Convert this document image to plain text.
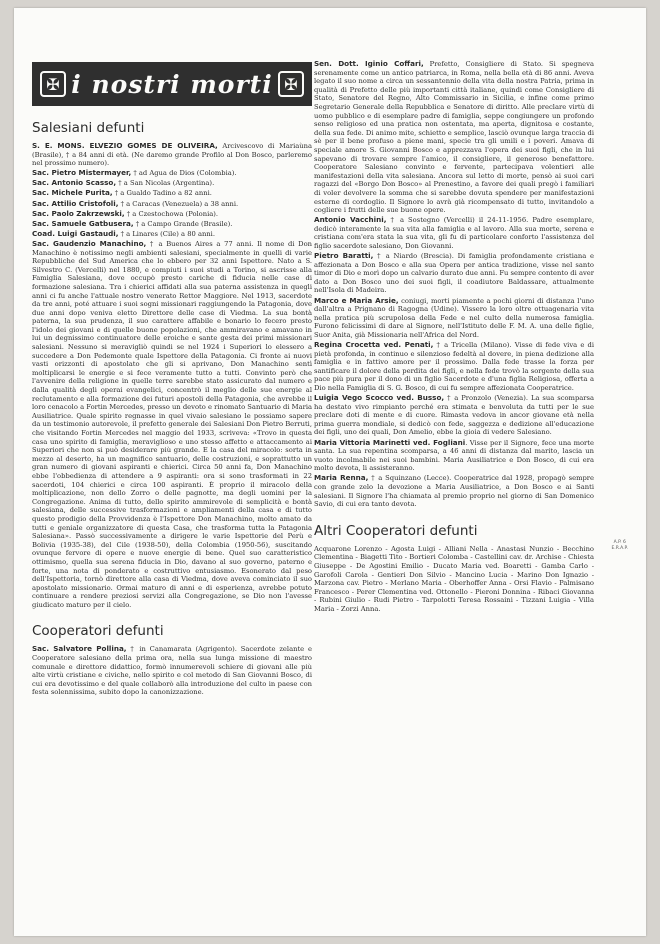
✠ i nostri morti ✠
Salesiani defunti

S. E. MONS. ELVEZIO GOMES DE OLIVEIRA, Arcivescovo di Mariaùna (Brasile), † a 84 anni di età. (Ne daremo grande Profilo al Don Bosco, parleremo nel prossimo numero).

Sac. Pietro Mistermayer, † ad Agua de Dios (Colombia).

Sac. Antonio Scasso, † a San Nicolas (Argentina).

Sac. Michele Purita, † a Gualdo Tadino a 82 anni.

Sac. Attilio Cristofoli, † a Caracas (Venezuela) a 38 anni.

Sac. Paolo Zakrzewski, † a Czestochowa (Polonia).

Sac. Samuele Gatbusera, † a Campo Grande (Brasile).

Coad. Luigi Gastaudi, † a Linares (Cile) a 80 anni.

Sac. Gaudenzio Manachino, † a Buenos Aires a 77 anni. Il nome di Don Manachino è notissimo negli ambienti salesiani, specialmente in quelli di varie Repubbliche del Sud America che lo ebbero per 32 anni Ispettore. Nato a S. Silvestro C. (Vercelli) nel 1880, e compiuti i suoi studi a Torino, si ascrisse alla Famiglia Salesiana, dove occupò presto cariche di fiducia nelle case di formazione salesiana. Tra i chierici affidati alla sua paterna assistenza in quegli anni ci fu anche l'attuale nostro veneratо Rettor Maggiore. Nel 1913, sacerdote da tre anni, poté attuare i suoi sogni missionari raggiungendo la Patagonia, dove due anni dopo veniva eletto Direttore delle case di Viedma. La sua bontà paterna, la sua prudenza, il suo carattere affabile e bonario lo fecero presto l'idolo dei giovani e di quelle buone popolazioni, che ammiravano e amavano in lui un degnissimo continuatore delle eroiche e sante gesta dei primi missionari salesiani. Nessuno si meravigliò quindi se nel 1924 i Superiori lo elessero a succedere a Don Pedemonte quale Ispettore della Patagonia. Ci fronte ai nuovi vasti orizzonti di apostolato che gli si aprivano, Don Manachino sentì moltiplicarsi le energie e si fece veramente tutto a tutti. Convinto però che l'avvenire della religione in quelle terre sarebbe stato assicurato dal numero e dalla qualità degli operai evangelici, concentrò il meglio delle sue energie al reclutamento e alla formazione dei futuri apostoli della Patagonia, che avrebbe il loro cenacolo a Fortin Mercedes, presso un devoto e rinomato Santuario di Maria Ausiliatrice. Quale spirito regnasse in quel vivaio salesiano le possiamo sapere da un testimonio autorevole, il prefetto generale dei Salesiani Don Pietro Berruti, che visitando Fortin Mercedes nel maggio del 1933, scriveva: «Trovo in questa casa uno spirito di famiglia, meraviglioso e uno stesso affetto e attaccamento ai Superiori che non si può desiderare più grande. E la casa del miracolo: sorta in mezzo al deserto, ha un magnifico santuario, delle costruzioni, e soprattutto un gran numero di giovani aspiranti e chierici. Circa 50 anni fa, Don Manachino ebbe l'obbedienza di attendere a 9 aspiranti: ora si sono trasformati in 22 sacerdoti, 104 chierici e circa 100 aspiranti. È proprio il miracolo della moltiplicazione, non dello Zorro o delle pagnotte, ma degli uomini per la Congregazione. Anima di tutto, dello spirito ammirevole di semplicità e bontà salesiana, delle successive trasformazioni e ampliamenti della casa e di tutto questo prodigio della Provvidenza è l'Ispettore Don Manachino, molto amato da tutti e geniale organizzatore di questa Casa, che trasforma tutta la Patagonia Salesiana». Passò successivamente a dirigere le varie Ispettorie del Perù e Bolivia (1935-38), del Cile (1938-50), della Colombia (1950-56), suscitando ovunque fervore di opere e nuove energie di bene. Quel suo caratteristico ottimismo, quella sua serena fiducia in Dio, davano al suo governo, paterno e forte, una nota di ponderato e costruttivo entusiasmo. Esonerato dal peso dell'Ispettoria, tornò direttore alla casa di Viedma, dove aveva cominciato il suo apostolato missionario. Ormai maturo di anni e di esperienza, avrebbe potuto continuare a rendere preziosi servizi alla Congregazione, se Dio non l'avesse giudicato maturo per il cielo.

Cooperatori defunti

Sac. Salvatore Pollina, † in Canamarata (Agrigento). Sacerdote zelante e Cooperatore salesiano della prima ora, nella sua lunga missione di maestro comunale e direttore didattico, formò innumerevoli schiere di giovani alle più alte virtù cristiane e civiche, nello spirito e col metodo di San Giovanni Bosco, di cui era devotissimo e del quale collaborò alla introduzione del culto in paese con festa solennissima, subito dopo la canonizzazione.

Sen. Dott. Iginio Coffari, Prefetto, Consigliere di Stato. Si spegneva serenamente come un antico patriarca, in Roma, nella bella età di 86 anni. Aveva legato il suo nome a circa un sessantennio della vita della nostra Patria, prima in qualità di Prefetto delle più importanti città italiane, quindi come Consigliere di Stato, Senatore del Regno, Alto Commissario in Sicilia, e infine come primo Segretario Generale della Repubblica e Senatore di diritto. Alle preclare virtù di uomo pubblico e di esemplare padre di famiglia, seppe congiungere un profondo senso religioso ed una pratica non ostentata, ma aperta, dignitosa e costante, della sua fede. Di animo mite, schietto e semplice, lasciò ovunque larga traccia di sè per il bene profuso a piene mani, specie tra gli umili e i poveri. Amava di speciale amore S. Giovanni Bosco e apprezzava l'opera dei suoi figli, che in lui sapevano di trovare sempre l'amico, il consigliere, il generoso benefattore. Cooperatore Salesiano convinto e fervente, partecipava volentieri alle manifestazioni della vita salesiana. Ancora sul letto di morte, pensò ai suoi cari ragazzi del «Borgo Don Bosco» al Prenestino, a favore dei quali pregò i familiari di voler devolvere la somma che si sarebbe dovuta spendere per manifestazioni esterne di cordoglio. Il Signore lo avrà già ricompensato di tutto, invitandolo a cogliere i frutti delle sue buone opere.

Antonio Vacchini, † a Sostegno (Vercelli) il 24-11-1956. Padre esemplare, dedicò interamente la sua vita alla famiglia e al lavoro. Alla sua morte, serena e cristiana com'era stata la sua vita, gli fu di particolare conforto l'assistenza del figlio sacerdote salesiano, Don Giovanni.

Pietro Baratti, † a Niardo (Brescia). Di famiglia profondamente cristiana e affezionata a Don Bosco e alla sua Opera per antica tradizione, visse nel santo timor di Dio e morì dopo un calvario durato due anni. Fu sempre contento di aver dato a Don Bosco uno dei suoi figli, il coadiutore Baldassare, attualmente nell'Isola di Madeira.

Marco e Maria Arsie, coniugi, morti piamente a pochi giorni di distanza l'uno dall'altra a Prignano di Ragogna (Udine). Vissero la loro oltre ottuagenaria vita nella pratica più scrupolosa della Fede e nel culto della numerosa famiglia. Furono felicissimi di dare al Signore, nell'Istituto delle F. M. A. una delle figlie, Suor Anita, già Missionaria nell'Africa del Nord.

Regina Crocetta ved. Penati, † a Tricella (Milano). Visse di fede viva e di pietà profonda, in continuo e silenzioso fedeltà al dovere, in piena dedizione alla famiglia e in fattivo amore per il prossimo. Dalla fede trasse la forza per santificare il dolore della perdita dei figli, e nella fede trovò la sorgente della sua pace più pura per il dono di un figlio Sacerdote e d'una figlia Religiosa, offerta a Dio nella Famiglia di S. G. Bosco, di cui fu sempre affezionata Cooperatrice.

Luigia Vego Scocco ved. Busso, † a Pronzolo (Venezia). La sua scomparsa ha destato vivo rimpianto perché era stimata e benvoluta da tutti per le sue preclare doti di mente e di cuore. Rimasta vedova in ancor giovane età nella prima guerra mondiale, si dedicò con fede, saggezza e dedizione all'educazione dei figli, uno dei quali, Don Amelio, ebbe la gioia di vedere Salesiano.

Maria Vittoria Marinetti ved. Fogliani. Visse per il Signore, fece una morte santa. La sua repentina scomparsa, a 46 anni di distanza dal marito, lascia un vuoto incolmabile nei suoi bambini. Maria Ausiliatrice e Don Bosco, di cui era molto devota, li assisteranno.

Maria Renna, † a Squinzano (Lecce). Cooperatrice dal 1928, propagò sempre con grande zelo la devozione a Maria Ausiliatrice, a Don Bosco e ai Santi salesiani. Il Signore l'ha chiamata al premio proprio nel giorno di San Domenico Savio, di cui era tanto devota.

Altri Cooperatori defunti

Acquarone Lorenzo - Agosta Luigi - Alliani Nella - Anastasi Nunzio - Becchino Clementina - Biagetti Tito - Bortieri Colomba - Castellini cav. dr. Archise - Chiesta Giuseppe - De Agostini Emilio - Ducato Maria ved. Boaretti - Gamba Carlo - Garofoli Carola - Gentieri Don Silvio - Mancino Lucia - Marino Don Ignazio - Marzona cav. Pietro - Merlano Maria - Oberhoffer Anna - Orsi Flavio - Palmisano Francesco - Perer Clementina ved. Ottonello - Pieroni Donnina - Ribaci Giovanna - Rubini Giulio - Rudi Pietro - Tarpolotti Teresa Rossaini - Tizzani Luigia - Villa Maria - Zorzi Anna.

A.P. 6
E.R.A.P.
